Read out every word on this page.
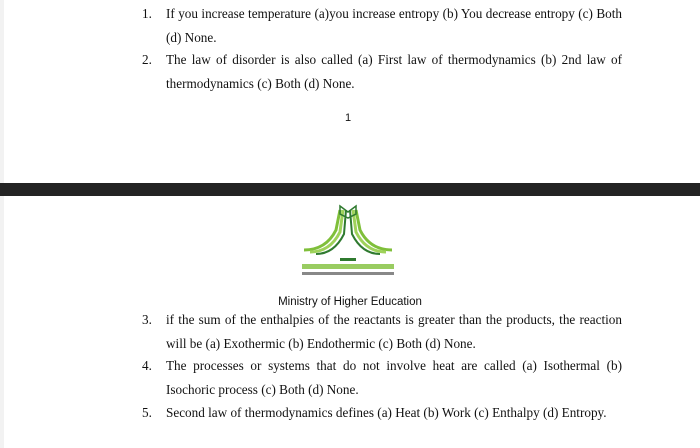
1.	If you increase temperature (a)you increase entropy (b) You decrease entropy (c) Both (d) None.
2.	The law of disorder is also called (a) First law of thermodynamics (b) 2nd law of thermodynamics (c) Both (d) None.
1
Ministry of Higher Education
3.	if the sum of the enthalpies of the reactants is greater than the products, the reaction will be (a) Exothermic (b) Endothermic (c) Both (d) None.
4.	The processes or systems that do not involve heat are called (a) Isothermal (b) Isochoric process (c) Both (d) None.
5.	Second law of thermodynamics defines (a) Heat (b) Work (c) Enthalpy (d) Entropy.
